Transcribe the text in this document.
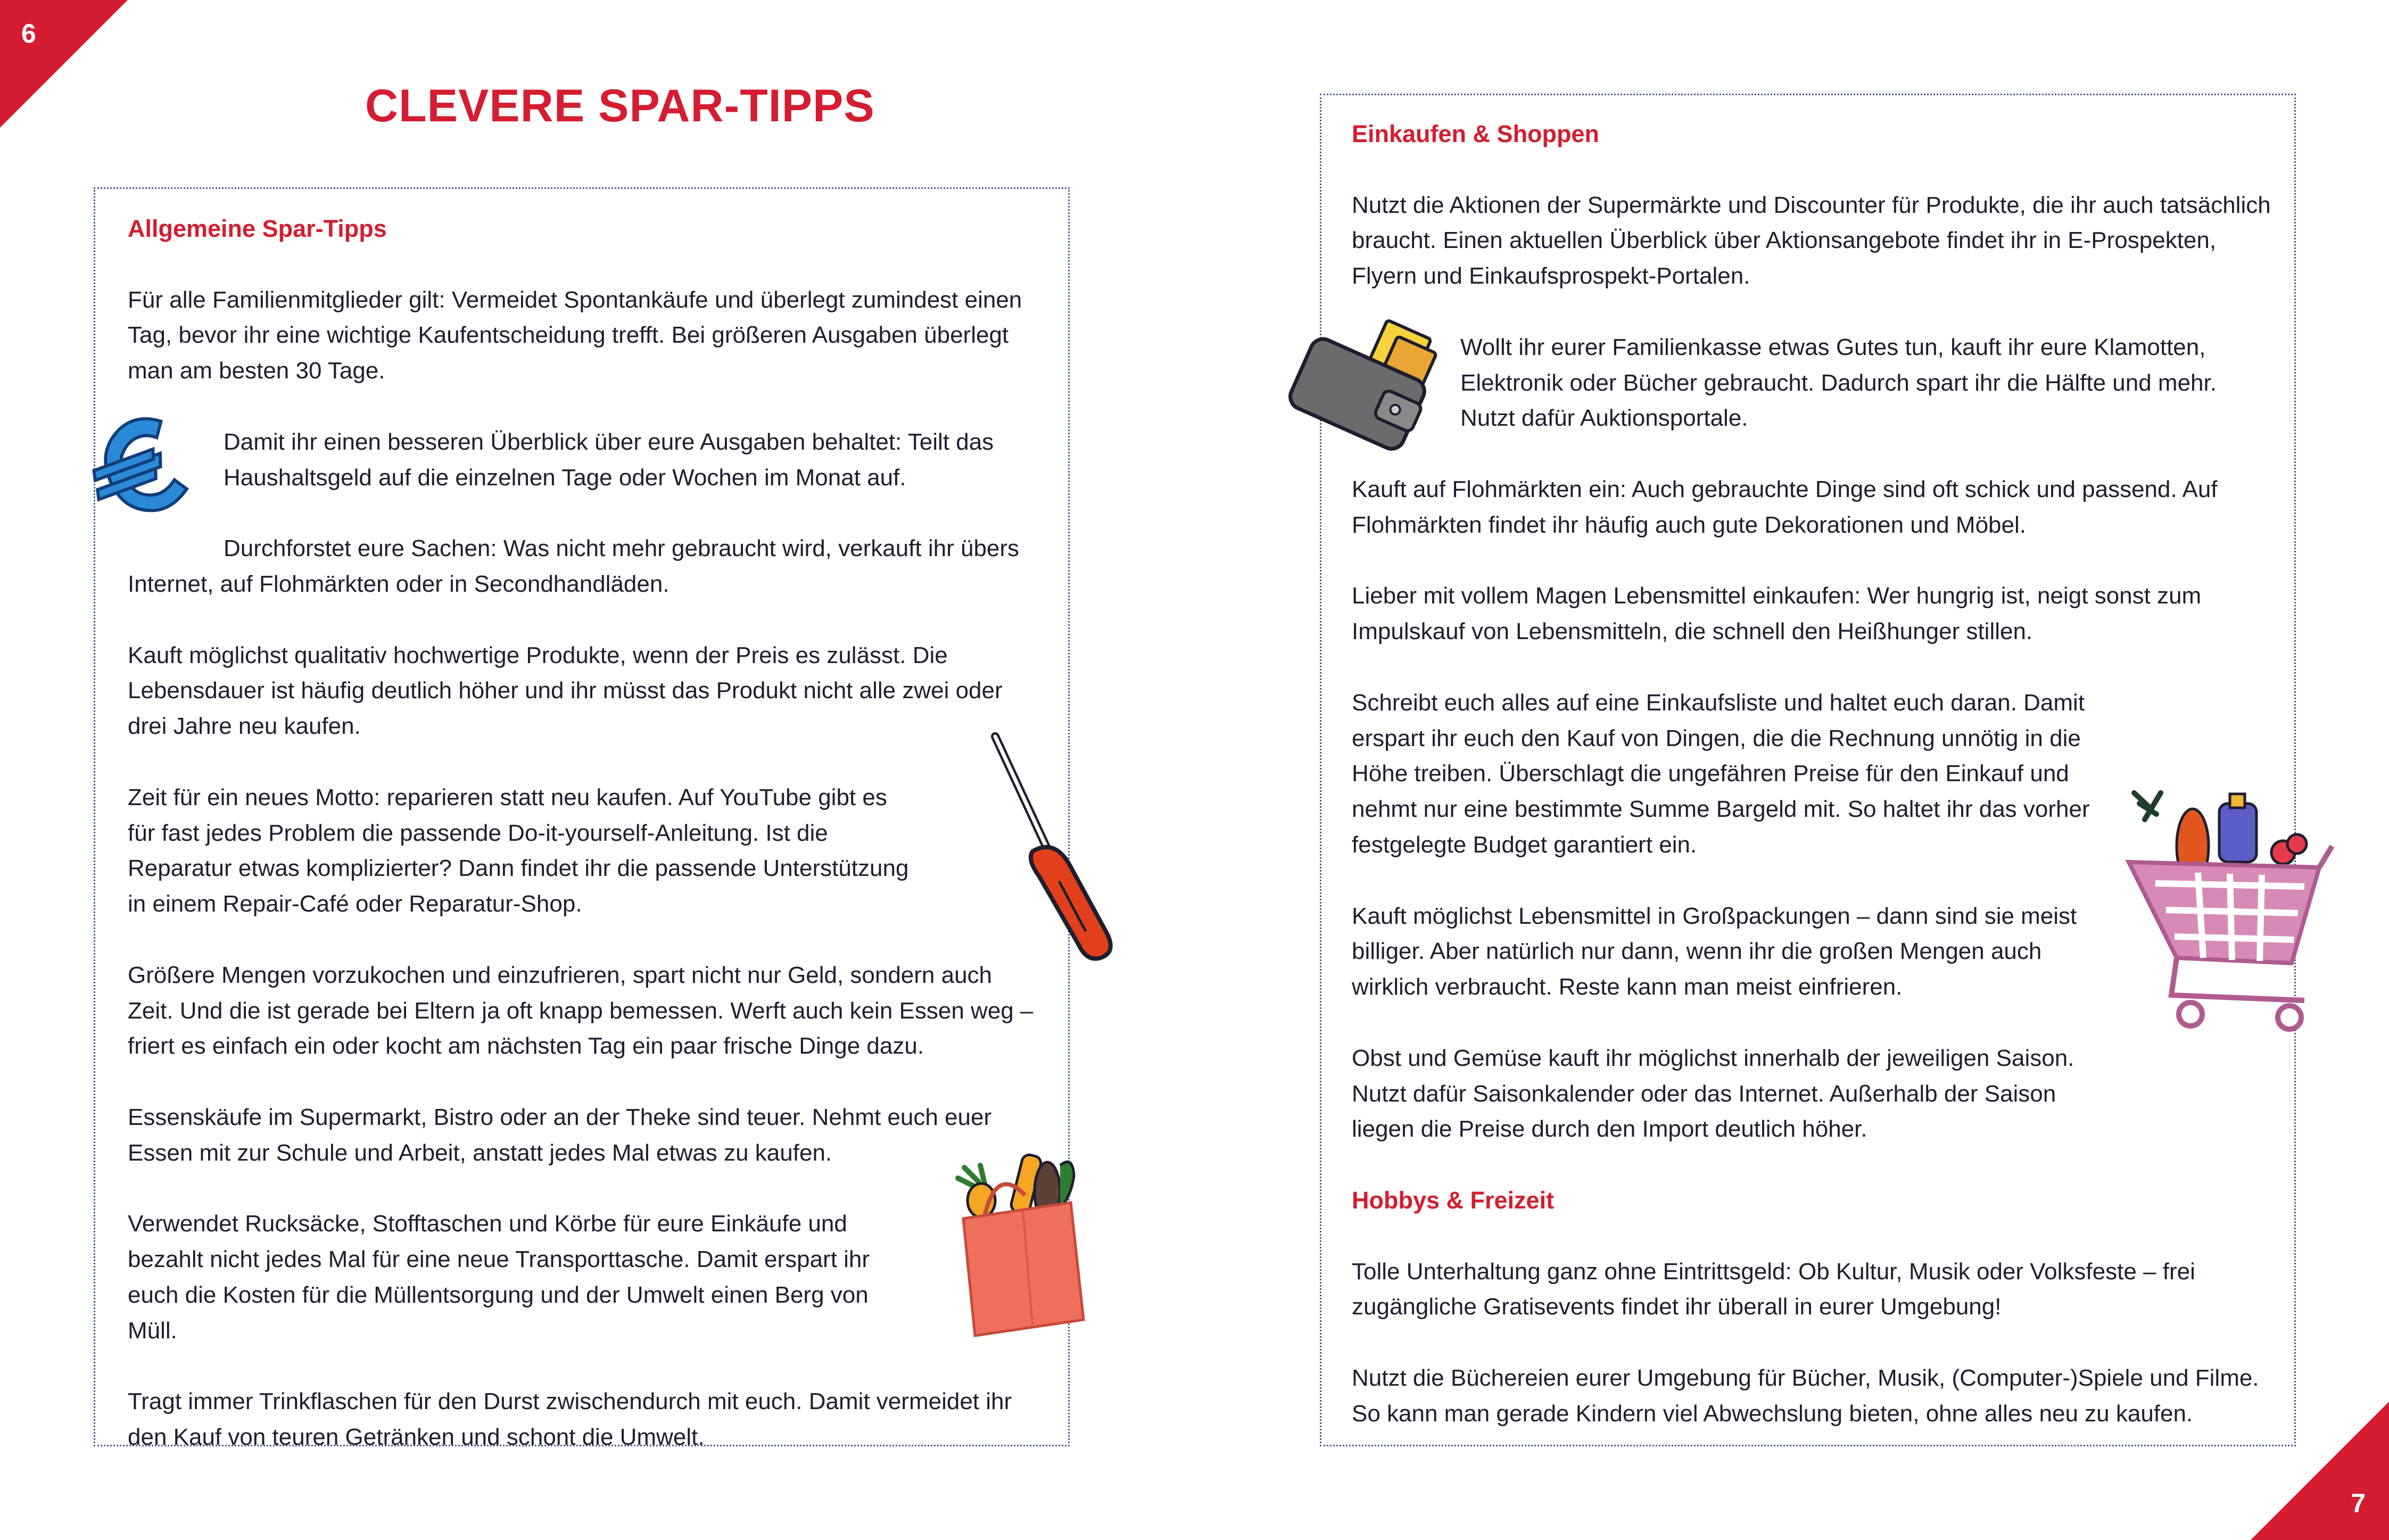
6
7
CLEVERE SPAR-TIPPS
Allgemeine Spar-Tipps

Für alle Familienmitglieder gilt: Vermeidet Spontankäufe und überlegt zumindest einen Tag, bevor ihr eine wichtige Kaufentscheidung trefft. Bei größeren Ausgaben überlegt man am besten 30 Tage.

Damit ihr einen besseren Überblick über eure Ausgaben behaltet: Teilt das Haushaltsgeld auf die einzelnen Tage oder Wochen im Monat auf.

Durchforstet eure Sachen: Was nicht mehr gebraucht wird, verkauft ihr übers Internet, auf Flohmärkten oder in Secondhandläden.

Kauft möglichst qualitativ hochwertige Produkte, wenn der Preis es zulässt. Die Lebensdauer ist häufig deutlich höher und ihr müsst das Produkt nicht alle zwei oder drei Jahre neu kaufen.

Zeit für ein neues Motto: reparieren statt neu kaufen. Auf YouTube gibt es für fast jedes Problem die passende Do-it-yourself-Anleitung. Ist die Reparatur etwas komplizierter? Dann findet ihr die passende Unterstützung in einem Repair-Café oder Reparatur-Shop.

Größere Mengen vorzukochen und einzufrieren, spart nicht nur Geld, sondern auch Zeit. Und die ist gerade bei Eltern ja oft knapp bemessen. Werft auch kein Essen weg – friert es einfach ein oder kocht am nächsten Tag ein paar frische Dinge dazu.

Essenskäufe im Supermarkt, Bistro oder an der Theke sind teuer. Nehmt euch euer Essen mit zur Schule und Arbeit, anstatt jedes Mal etwas zu kaufen.

Verwendet Rucksäcke, Stofftaschen und Körbe für eure Einkäufe und bezahlt nicht jedes Mal für eine neue Transporttasche. Damit erspart ihr euch die Kosten für die Müllentsorgung und der Umwelt einen Berg von Müll.

Tragt immer Trinkflaschen für den Durst zwischendurch mit euch. Damit vermeidet ihr den Kauf von teuren Getränken und schont die Umwelt.

Einkaufen & Shoppen

Nutzt die Aktionen der Supermärkte und Discounter für Produkte, die ihr auch tatsächlich braucht. Einen aktuellen Überblick über Aktionsangebote findet ihr in E-Prospekten, Flyern und Einkaufsprospekt-Portalen.

Wollt ihr eurer Familienkasse etwas Gutes tun, kauft ihr eure Klamotten, Elektronik oder Bücher gebraucht. Dadurch spart ihr die Hälfte und mehr. Nutzt dafür Auktionsportale.

Kauft auf Flohmärkten ein: Auch gebrauchte Dinge sind oft schick und passend. Auf Flohmärkten findet ihr häufig auch gute Dekorationen und Möbel.

Lieber mit vollem Magen Lebensmittel einkaufen: Wer hungrig ist, neigt sonst zum Impulskauf von Lebensmitteln, die schnell den Heißhunger stillen.

Schreibt euch alles auf eine Einkaufsliste und haltet euch daran. Damit erspart ihr euch den Kauf von Dingen, die die Rechnung unnötig in die Höhe treiben. Überschlagt die ungefähren Preise für den Einkauf und nehmt nur eine bestimmte Summe Bargeld mit. So haltet ihr das vorher festgelegte Budget garantiert ein.

Kauft möglichst Lebensmittel in Großpackungen – dann sind sie meist billiger. Aber natürlich nur dann, wenn ihr die großen Mengen auch wirklich verbraucht. Reste kann man meist einfrieren.

Obst und Gemüse kauft ihr möglichst innerhalb der jeweiligen Saison. Nutzt dafür Saisonkalender oder das Internet. Außerhalb der Saison liegen die Preise durch den Import deutlich höher.

Hobbys & Freizeit

Tolle Unterhaltung ganz ohne Eintrittsgeld: Ob Kultur, Musik oder Volksfeste – frei zugängliche Gratisevents findet ihr überall in eurer Umgebung!

Nutzt die Büchereien eurer Umgebung für Bücher, Musik, (Computer-)Spiele und Filme. So kann man gerade Kindern viel Abwechslung bieten, ohne alles neu zu kaufen.
